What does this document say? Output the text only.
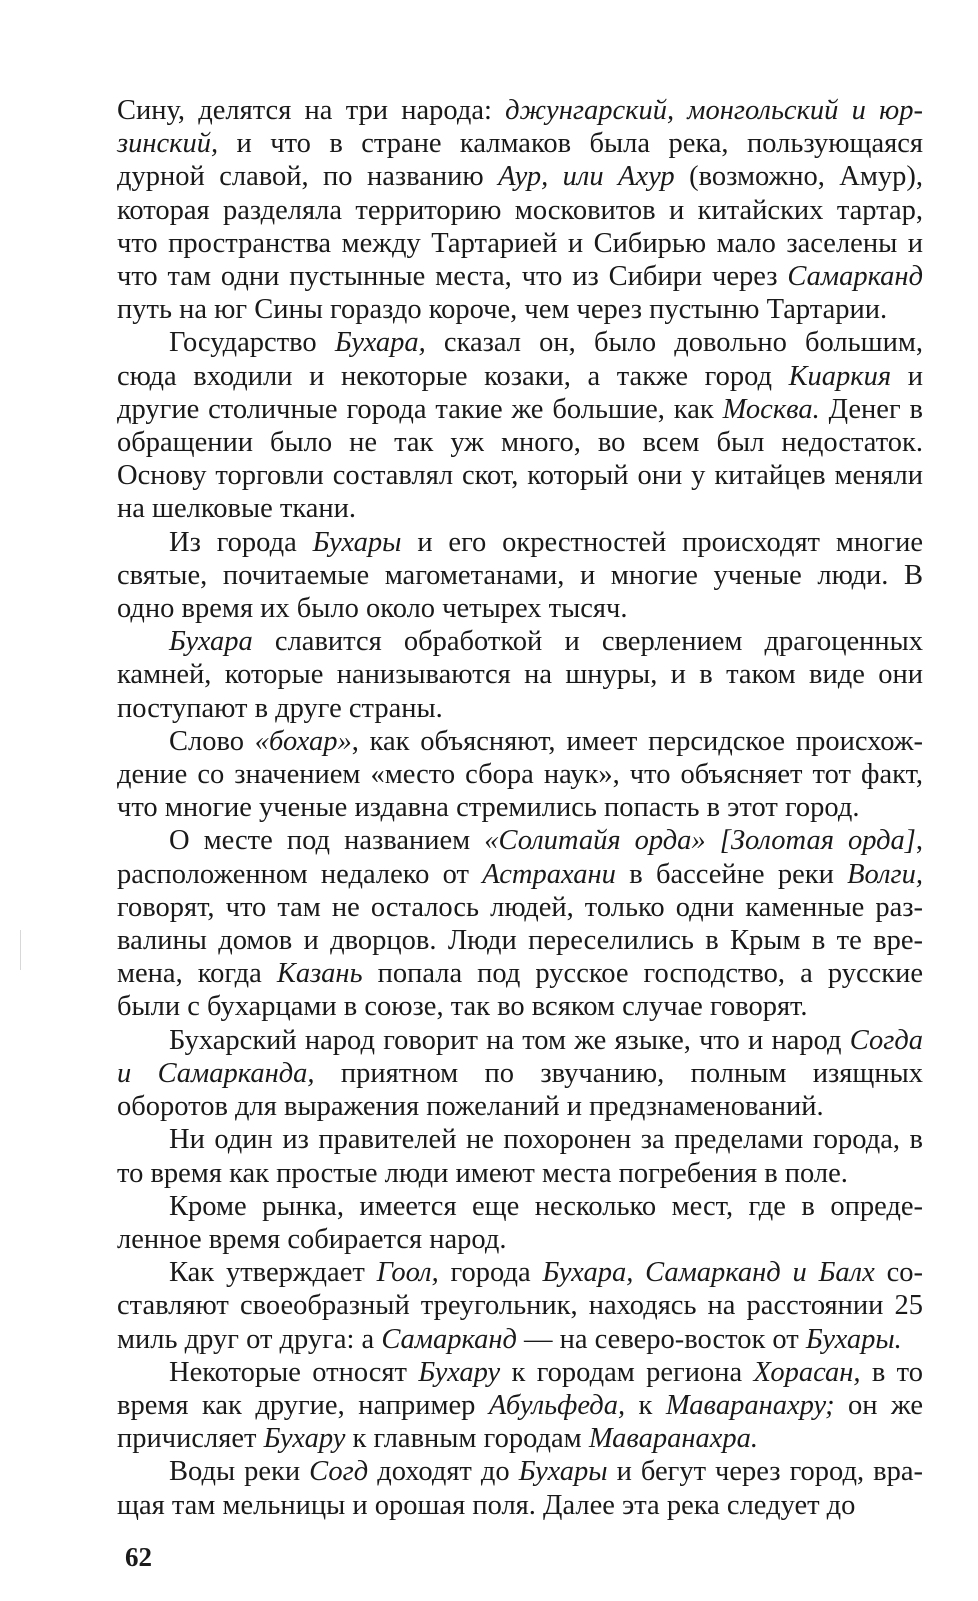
Сину, делятся на три народа: джунгарский, монгольский и юрзинский, и что в стране калмаков была река, пользующаяся дурной славой, по названию Аур, или Ахур (возможно, Амур), которая разделяла территорию московитов и китайских тартар, что пространства между Тартарией и Сибирью мало заселены и что там одни пустынные места, что из Сибири через Самарканд путь на юг Сины гораздо короче, чем через пустыню Тартарии.

Государство Бухара, сказал он, было довольно большим, сюда входили и некоторые козаки, а также город Киаркия и другие столичные города такие же большие, как Москва. Денег в обращении было не так уж много, во всем был недостаток. Основу торговли составлял скот, который они у китайцев меняли на шелковые ткани.

Из города Бухары и его окрестностей происходят многие святые, почитаемые магометанами, и многие ученые люди. В одно время их было около четырех тысяч.

Бухара славится обработкой и сверлением драгоценных камней, которые нанизываются на шнуры, и в таком виде они поступают в друге страны.

Слово «бохар», как объясняют, имеет персидское происхождение со значением «место сбора наук», что объясняет тот факт, что многие ученые издавна стремились попасть в этот город.

О месте под названием «Солитайя орда» [Золотая орда], расположенном недалеко от Астрахани в бассейне реки Волги, говорят, что там не осталось людей, только одни каменные развалины домов и дворцов. Люди переселились в Крым в те времена, когда Казань попала под русское господство, а русские были с бухарцами в союзе, так во всяком случае говорят.

Бухарский народ говорит на том же языке, что и народ Согда и Самарканда, приятном по звучанию, полным изящных оборотов для выражения пожеланий и предзнаменований.

Ни один из правителей не похоронен за пределами города, в то время как простые люди имеют места погребения в поле.

Кроме рынка, имеется еще несколько мест, где в определенное время собирается народ.

Как утверждает Гоол, города Бухара, Самарканд и Балх составляют своеобразный треугольник, находясь на расстоянии 25 миль друг от друга: а Самарканд — на северо-восток от Бухары.

Некоторые относят Бухару к городам региона Хорасан, в то время как другие, например Абульфеда, к Мавaранахру; он же причисляет Бухару к главным городам Маваранахра.

Воды реки Согд доходят до Бухары и бегут через город, вращая там мельницы и орошая поля. Далее эта река следует до

62
